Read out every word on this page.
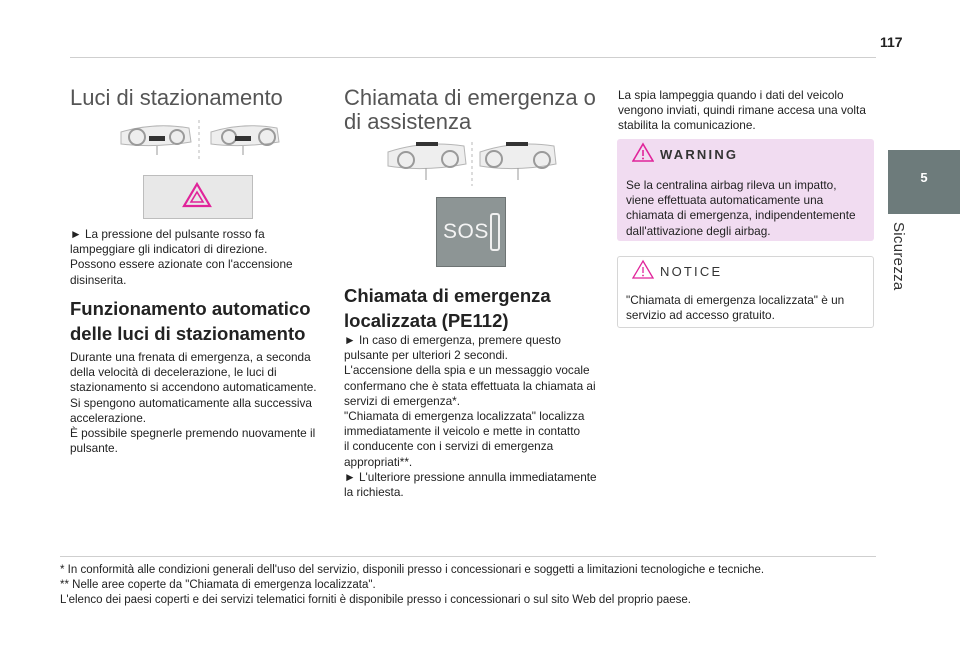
117
5
Sicurezza
Luci di stazionamento
► La pressione del pulsante rosso fa
lampeggiare gli indicatori di direzione.
Possono essere azionate con l'accensione
disinserita.
Funzionamento automatico
delle luci di stazionamento
Durante una frenata di emergenza, a seconda
della velocità di decelerazione, le luci di
stazionamento si accendono automaticamente.
Si spengono automaticamente alla successiva
accelerazione.
È possibile spegnerle premendo nuovamente il
pulsante.
Chiamata di emergenza o
di assistenza
SOS
Chiamata di emergenza
localizzata (PE112)
► In caso di emergenza, premere questo
pulsante per ulteriori 2 secondi.
L'accensione della spia e un messaggio vocale
confermano che è stata effettuata la chiamata ai
servizi di emergenza*.
"Chiamata di emergenza localizzata" localizza
immediatamente il veicolo e mette in contatto
il conducente con i servizi di emergenza
appropriati**.
► L'ulteriore pressione annulla immediatamente
la richiesta.
La spia lampeggia quando i dati del veicolo
vengono inviati, quindi rimane accesa una volta
stabilita la comunicazione.
WARNING
Se la centralina airbag rileva un impatto,
viene effettuata automaticamente una
chiamata di emergenza, indipendentemente
dall'attivazione degli airbag.
NOTICE
"Chiamata di emergenza localizzata" è un
servizio ad accesso gratuito.
* In conformità alle condizioni generali dell'uso del servizio, disponili presso i concessionari e soggetti a limitazioni tecnologiche e tecniche.
** Nelle aree coperte da "Chiamata di emergenza localizzata".
L'elenco dei paesi coperti e dei servizi telematici forniti è disponibile presso i concessionari o sul sito Web del proprio paese.
